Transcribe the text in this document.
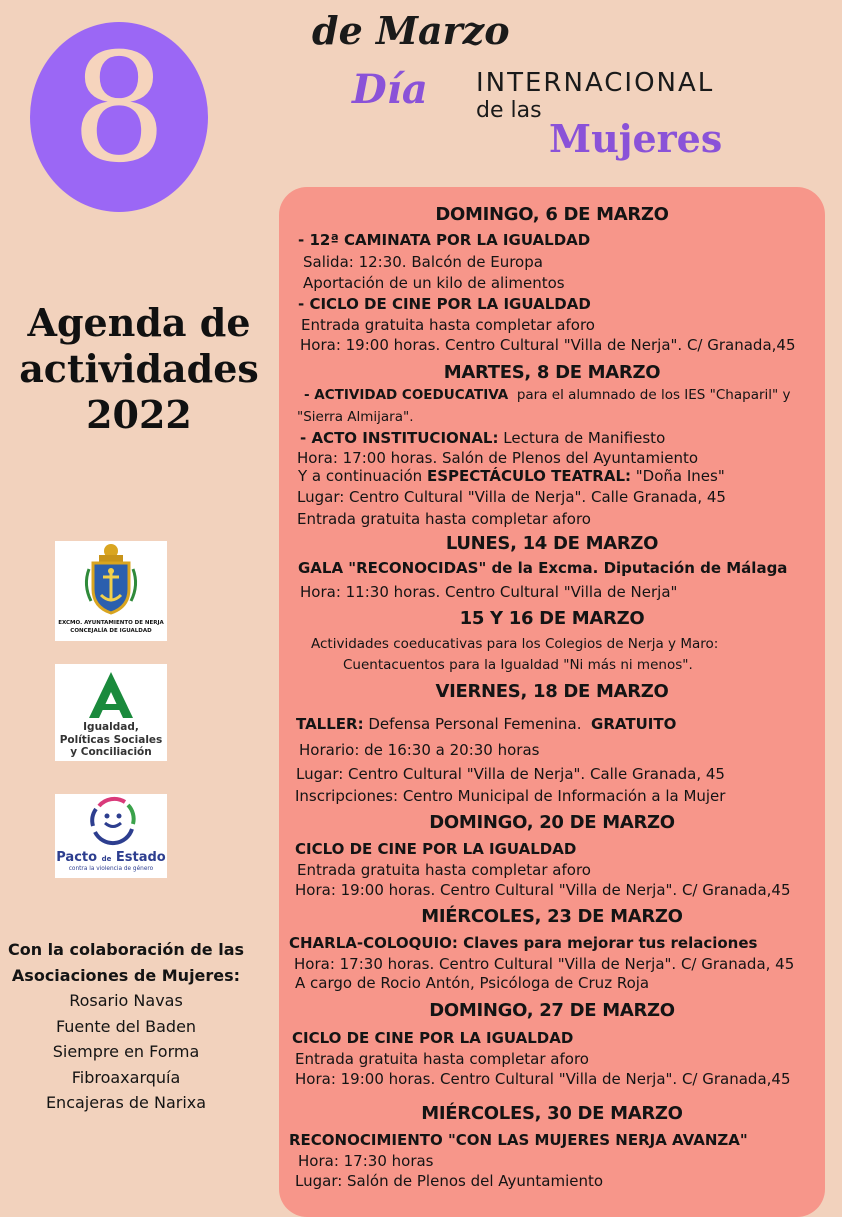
8	de Marzo
Día INTERNACIONAL
de las
Mujeres
Agenda de
actividades
2022
EXCMO. AYUNTAMIENTO DE NERJA
CONCEJALÍA DE IGUALDAD
Igualdad,
Políticas Sociales
y Conciliación
Pacto de Estado
contra la violencia de género
Con la colaboración de las
Asociaciones de Mujeres:
Rosario Navas
Fuente del Baden
Siempre en Forma
Fibroaxarquía
Encajeras de Narixa
DOMINGO, 6 DE MARZO
- 12ª CAMINATA POR LA IGUALDAD
Salida: 12:30. Balcón de Europa
Aportación de un kilo de alimentos
- CICLO DE CINE POR LA IGUALDAD
Entrada gratuita hasta completar aforo
Hora: 19:00 horas. Centro Cultural "Villa de Nerja". C/ Granada,45
MARTES, 8 DE MARZO
- ACTIVIDAD COEDUCATIVA para el alumnado de los IES "Chaparil" y
"Sierra Almijara".
- ACTO INSTITUCIONAL: Lectura de Manifiesto
Hora: 17:00 horas. Salón de Plenos del Ayuntamiento
Y a continuación ESPECTÁCULO TEATRAL: "Doña Ines"
Lugar: Centro Cultural "Villa de Nerja". Calle Granada, 45
Entrada gratuita hasta completar aforo
LUNES, 14 DE MARZO
GALA "RECONOCIDAS" de la Excma. Diputación de Málaga
Hora: 11:30 horas. Centro Cultural "Villa de Nerja"
15 Y 16 DE MARZO
Actividades coeducativas para los Colegios de Nerja y Maro:
Cuentacuentos para la Igualdad "Ni más ni menos".
VIERNES, 18 DE MARZO
TALLER: Defensa Personal Femenina. GRATUITO
Horario: de 16:30 a 20:30 horas
Lugar: Centro Cultural "Villa de Nerja". Calle Granada, 45
Inscripciones: Centro Municipal de Información a la Mujer
DOMINGO, 20 DE MARZO
CICLO DE CINE POR LA IGUALDAD
Entrada gratuita hasta completar aforo
Hora: 19:00 horas. Centro Cultural "Villa de Nerja". C/ Granada,45
MIÉRCOLES, 23 DE MARZO
CHARLA-COLOQUIO: Claves para mejorar tus relaciones
Hora: 17:30 horas. Centro Cultural "Villa de Nerja". C/ Granada, 45
A cargo de Rocio Antón, Psicóloga de Cruz Roja
DOMINGO, 27 DE MARZO
CICLO DE CINE POR LA IGUALDAD
Entrada gratuita hasta completar aforo
Hora: 19:00 horas. Centro Cultural "Villa de Nerja". C/ Granada,45
MIÉRCOLES, 30 DE MARZO
RECONOCIMIENTO "CON LAS MUJERES NERJA AVANZA"
Hora: 17:30 horas
Lugar: Salón de Plenos del Ayuntamiento
